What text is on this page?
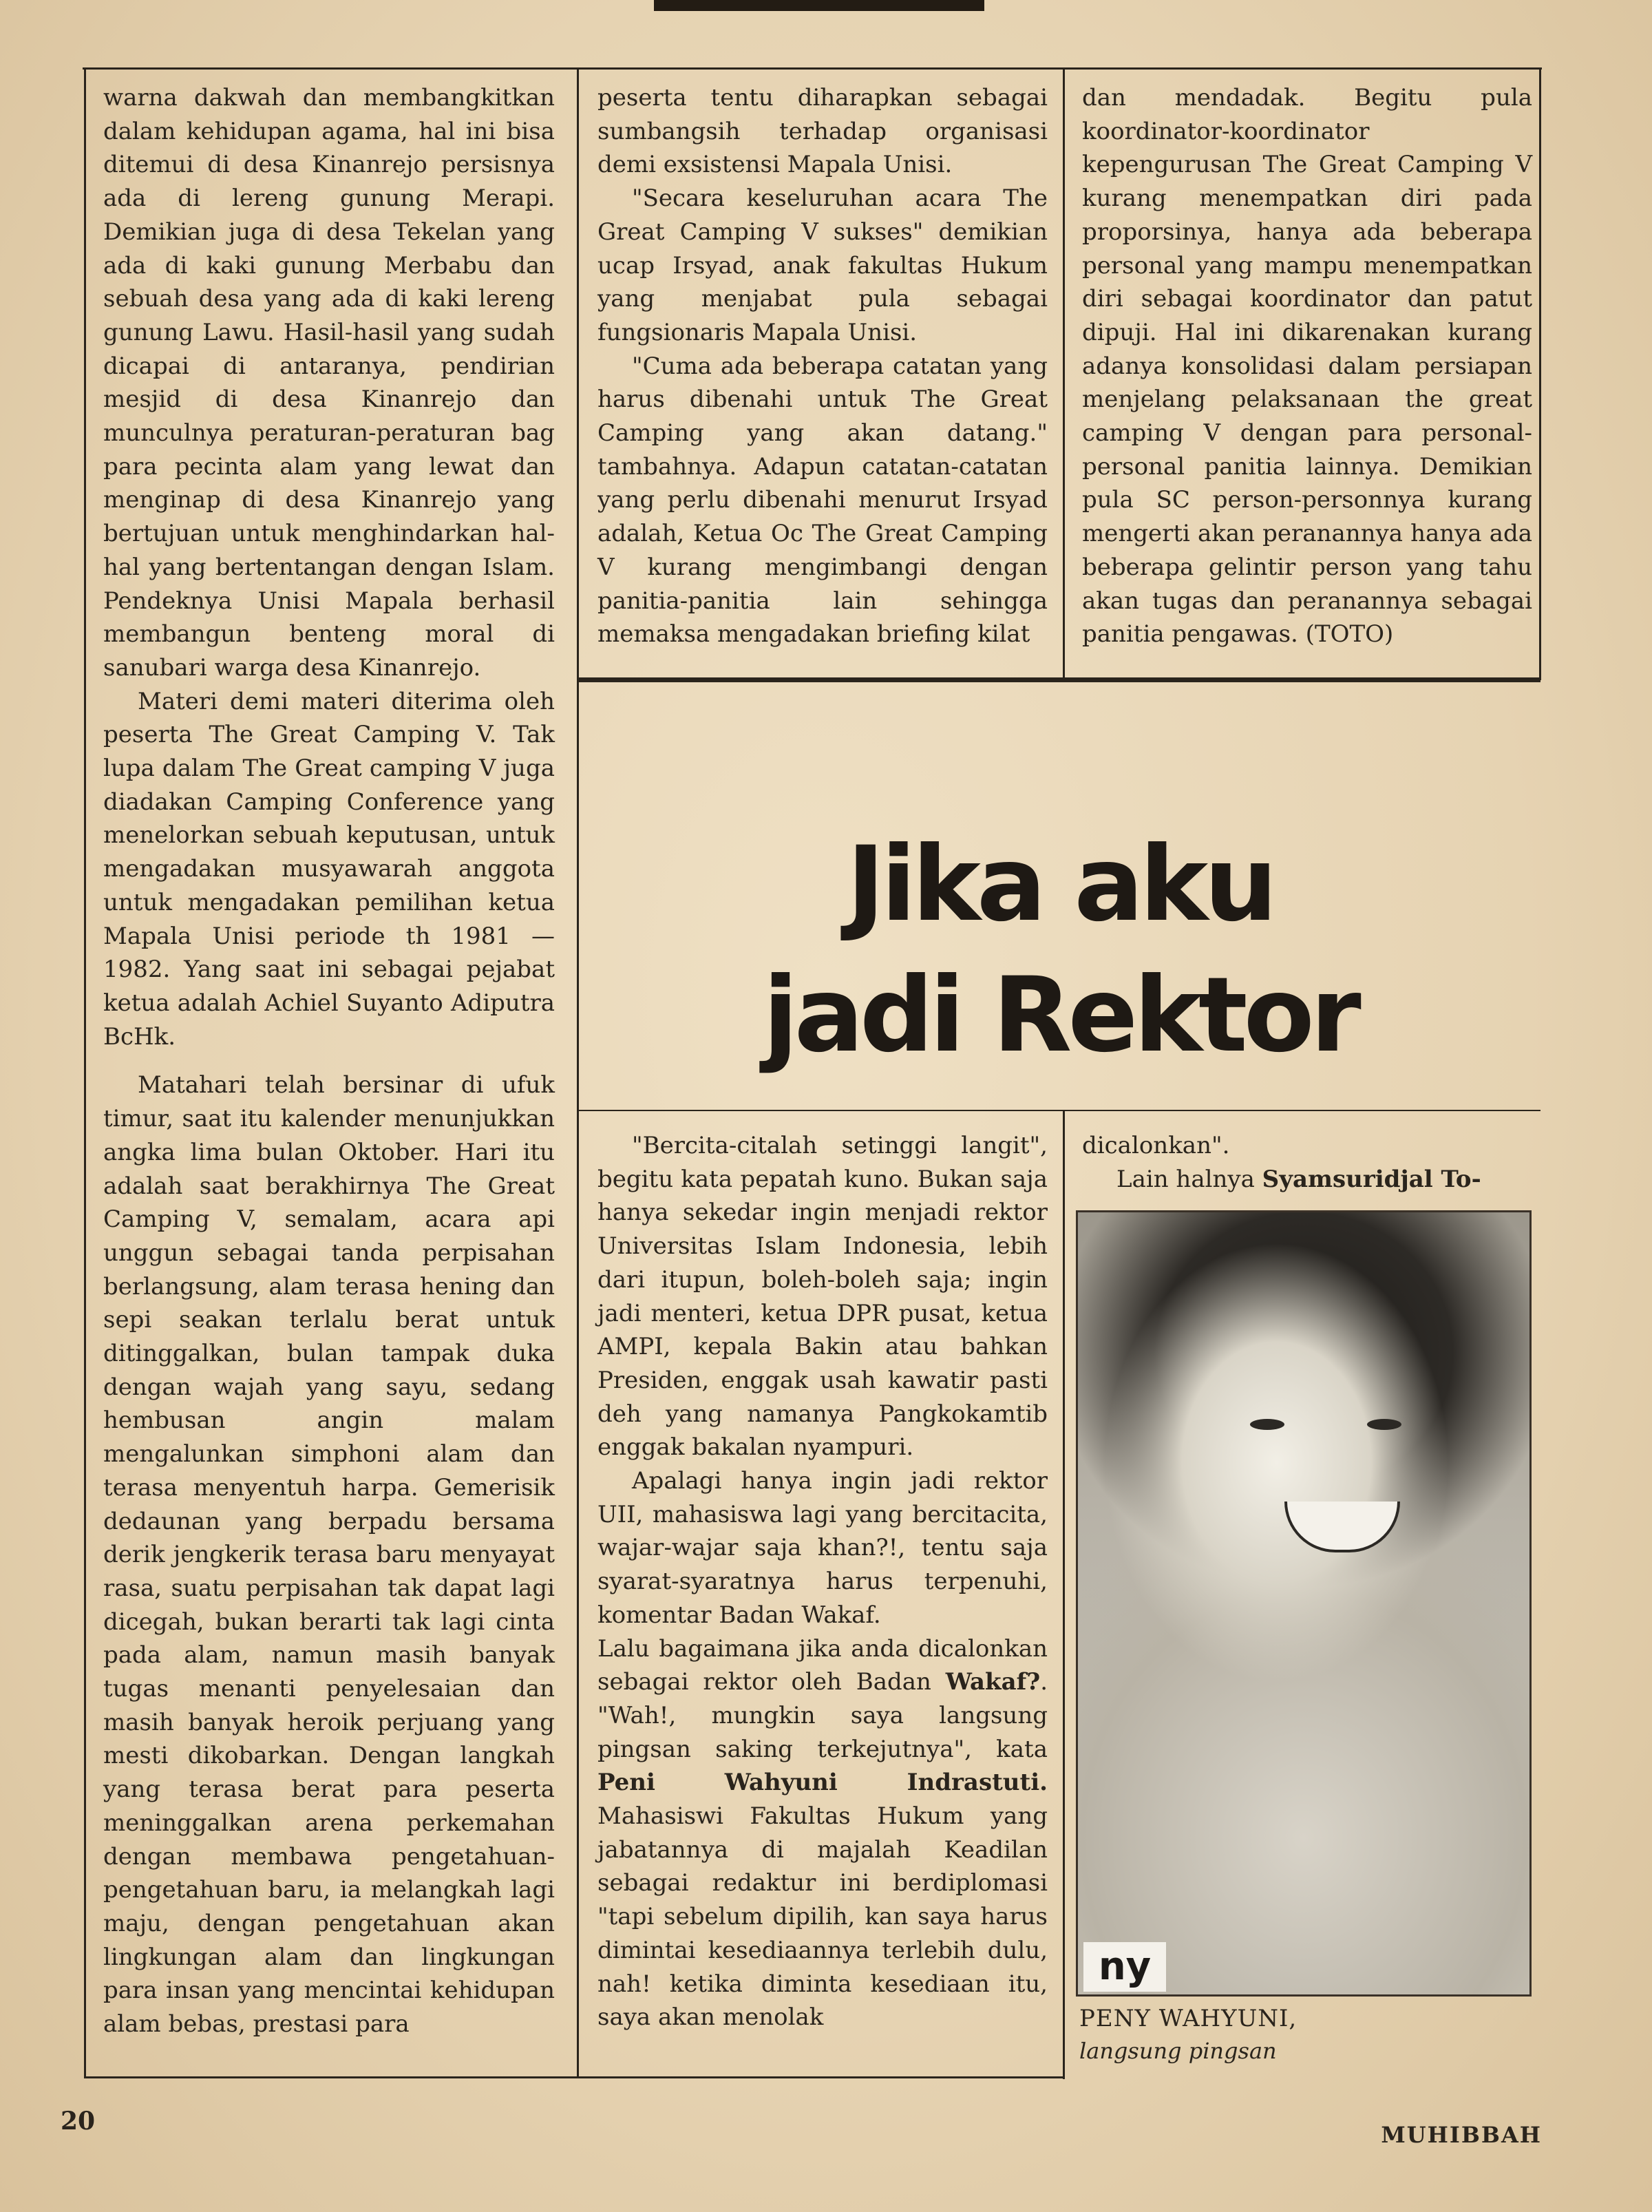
warna dakwah dan membangkitkan dalam kehidupan agama, hal ini bisa ditemui di desa Kinanrejo persisnya ada di lereng gunung Merapi. Demikian juga di desa Tekelan yang ada di kaki gunung Merbabu dan sebuah desa yang ada di kaki lereng gunung Lawu. Hasil-hasil yang sudah dicapai di antaranya, pendirian mesjid di desa Kinanrejo dan munculnya peraturan-peraturan bag para pecinta alam yang lewat dan menginap di desa Kinanrejo yang bertujuan untuk menghindarkan hal-hal yang bertentangan dengan Islam. Pendeknya Unisi Mapala berhasil membangun benteng moral di sanubari warga desa Kinanrejo.

Materi demi materi diterima oleh peserta The Great Camping V. Tak lupa dalam The Great camping V juga diadakan Camping Conference yang menelorkan sebuah keputusan, untuk mengadakan musyawarah anggota untuk mengadakan pemilihan ketua Mapala Unisi periode th 1981 — 1982. Yang saat ini sebagai pejabat ketua adalah Achiel Suyanto Adiputra BcHk.

Matahari telah bersinar di ufuk timur, saat itu kalender menunjukkan angka lima bulan Oktober. Hari itu adalah saat berakhirnya The Great Camping V, semalam, acara api unggun sebagai tanda perpisahan berlangsung, alam terasa hening dan sepi seakan terlalu berat untuk ditinggalkan, bulan tampak duka dengan wajah yang sayu, sedang hembusan angin malam mengalunkan simphoni alam dan terasa menyentuh harpa. Gemerisik dedaunan yang berpadu bersama derik jengkerik terasa baru menyayat rasa, suatu perpisahan tak dapat lagi dicegah, bukan berarti tak lagi cinta pada alam, namun masih banyak tugas menanti penyelesaian dan masih banyak heroik perjuang yang mesti dikobarkan. Dengan langkah yang terasa berat para peserta meninggalkan arena perkemahan dengan membawa pengetahuan-pengetahuan baru, ia melangkah lagi maju, dengan pengetahuan akan lingkungan alam dan lingkungan para insan yang mencintai kehidupan alam bebas, prestasi para

peserta tentu diharapkan sebagai sumbangsih terhadap organisasi demi exsistensi Mapala Unisi.

"Secara keseluruhan acara The Great Camping V sukses" demikian ucap Irsyad, anak fakultas Hukum yang menjabat pula sebagai fungsionaris Mapala Unisi.

"Cuma ada beberapa catatan yang harus dibenahi untuk The Great Camping yang akan datang." tambahnya. Adapun catatan-catatan yang perlu dibenahi menurut Irsyad adalah, Ketua Oc The Great Camping V kurang mengimbangi dengan panitia-panitia lain sehingga memaksa mengadakan briefing kilat

dan mendadak. Begitu pula koordinator-koordinator kepengurusan The Great Camping V kurang menempatkan diri pada proporsinya, hanya ada beberapa personal yang mampu menempatkan diri sebagai koordinator dan patut dipuji. Hal ini dikarenakan kurang adanya konsolidasi dalam persiapan menjelang pelaksanaan the great camping V dengan para personal-personal panitia lainnya. Demikian pula SC person-personnya kurang mengerti akan peranannya hanya ada beberapa gelintir person yang tahu akan tugas dan peranannya sebagai panitia pengawas. (TOTO)

Jika aku
jadi Rektor

"Bercita-citalah setinggi langit", begitu kata pepatah kuno. Bukan saja hanya sekedar ingin menjadi rektor Universitas Islam Indonesia, lebih dari itupun, boleh-boleh saja; ingin jadi menteri, ketua DPR pusat, ketua AMPI, kepala Bakin atau bahkan Presiden, enggak usah kawatir pasti deh yang namanya Pangkokamtib enggak bakalan nyampuri.

Apalagi hanya ingin jadi rektor UII, mahasiswa lagi yang bercitacita, wajar-wajar saja khan?!, tentu saja syarat-syaratnya harus terpenuhi, komentar Badan Wakaf.

Lalu bagaimana jika anda dicalonkan sebagai rektor oleh Badan Wakaf?. "Wah!, mungkin saya langsung pingsan saking terkejutnya", kata Peni Wahyuni Indrastuti. Mahasiswi Fakultas Hukum yang jabatannya di majalah Keadilan sebagai redaktur ini berdiplomasi "tapi sebelum dipilih, kan saya harus dimintai kesediaannya terlebih dulu, nah! ketika diminta kesediaan itu, saya akan menolak

dicalonkan".

Lain halnya Syamsuridjal To-

ny
PENY WAHYUNI,
langsung pingsan
20	MUHIBBAH
